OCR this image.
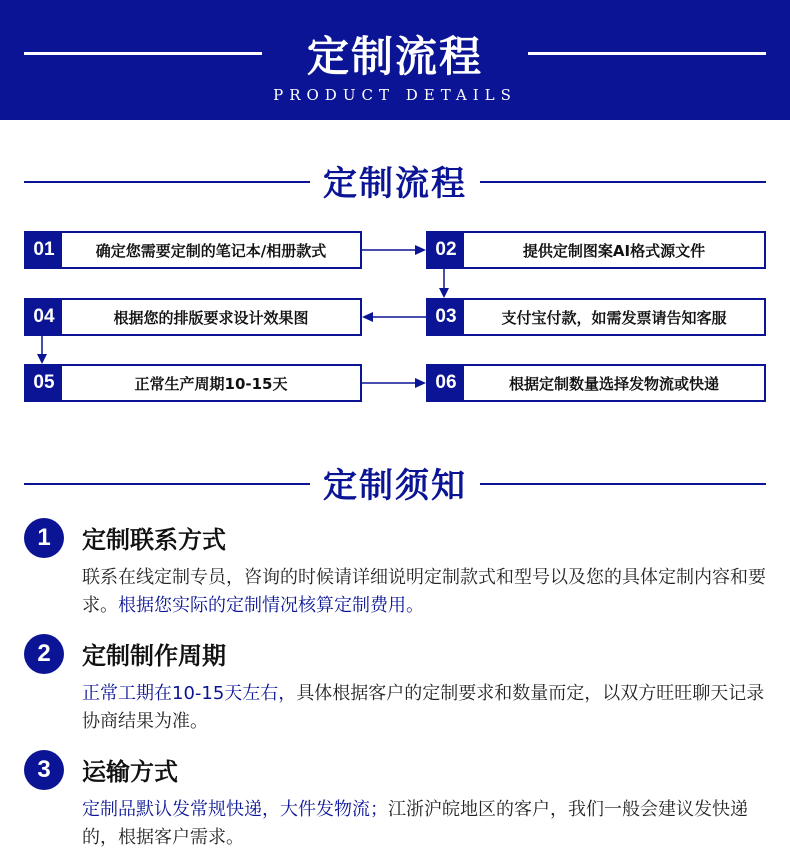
定制流程
PRODUCT DETAILS
定制流程
01	确定您需要定制的笔记本/相册款式	02	提供定制图案AI格式源文件
03	支付宝付款，如需发票请告知客服
04	根据您的排版要求设计效果图
05	正常生产周期10-15天	06	根据定制数量选择发物流或快递
定制须知
1	定制联系方式
联系在线定制专员，咨询的时候请详细说明定制款式和型号以及您的具体定制内容和要求。根据您实际的定制情况核算定制费用。
2	定制制作周期
正常工期在10-15天左右，具体根据客户的定制要求和数量而定，以双方旺旺聊天记录协商结果为准。
3	运输方式
定制品默认发常规快递，大件发物流；江浙沪皖地区的客户，我们一般会建议发快递的，根据客户需求。
